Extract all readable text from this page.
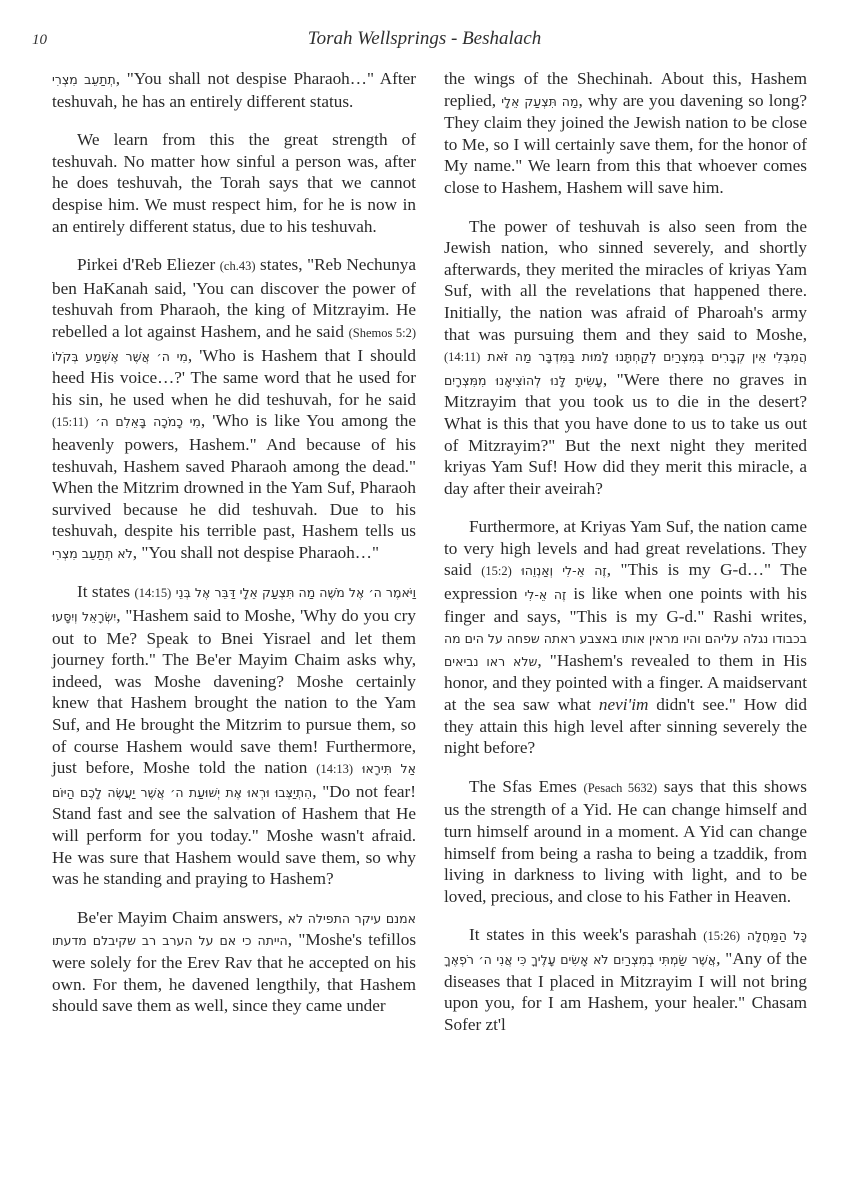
10	Torah Wellsprings - Beshalach

תְתַעֵב מִצְרִי, "You shall not despise Pharaoh…" After teshuvah, he has an entirely different status.

We learn from this the great strength of teshuvah. No matter how sinful a person was, after he does teshuvah, the Torah says that we cannot despise him. We must respect him, for he is now in an entirely different status, due to his teshuvah.

Pirkei d'Reb Eliezer (ch.43) states, "Reb Nechunya ben HaKanah said, 'You can discover the power of teshuvah from Pharaoh, the king of Mitzrayim. He rebelled a lot against Hashem, and he said (Shemos 5:2) מִי ה׳ אֲשֶׁר אֶשְׁמַע בְּקֹלוֹ, 'Who is Hashem that I should heed His voice…?' The same word that he used for his sin, he used when he did teshuvah, for he said (15:11) מִי כָמֹכָה בָּאֵלִם ה׳, 'Who is like You among the heavenly powers, Hashem." And because of his teshuvah, Hashem saved Pharaoh among the dead." When the Mitzrim drowned in the Yam Suf, Pharaoh survived because he did teshuvah. Due to his teshuvah, despite his terrible past, Hashem tells us לֹא תְתַעֵב מִצְרִי, "You shall not despise Pharaoh…"

It states (14:15) וַיֹּאמֶר ה׳ אֶל מֹשֶׁה מַה תִּצְעַק אֵלָי דַּבֵּר אֶל בְּנֵי יִשְׂרָאֵל וְיִסָּעוּ, "Hashem said to Moshe, 'Why do you cry out to Me? Speak to Bnei Yisrael and let them journey forth." The Be'er Mayim Chaim asks why, indeed, was Moshe davening? Moshe certainly knew that Hashem brought the nation to the Yam Suf, and He brought the Mitzrim to pursue them, so of course Hashem would save them! Furthermore, just before, Moshe told the nation (14:13) אַל תִּירָאוּ הִתְיַצְּבוּ וּרְאוּ אֶת יְשׁוּעַת ה׳ אֲשֶׁר יַעֲשֶׂה לָכֶם הַיּוֹם, "Do not fear! Stand fast and see the salvation of Hashem that He will perform for you today." Moshe wasn't afraid. He was sure that Hashem would save them, so why was he standing and praying to Hashem?

Be'er Mayim Chaim answers, אמנם עיקר התפילה לא הייתה כי אם על הערב רב שקיבלם מדעתו, "Moshe's tefillos were solely for the Erev Rav that he accepted on his own. For them, he davened lengthily, that Hashem should save them as well, since they came under

the wings of the Shechinah. About this, Hashem replied, מַה תִּצְעַק אֵלָי, why are you davening so long? They claim they joined the Jewish nation to be close to Me, so I will certainly save them, for the honor of My name." We learn from this that whoever comes close to Hashem, Hashem will save him.

The power of teshuvah is also seen from the Jewish nation, who sinned severely, and shortly afterwards, they merited the miracles of kriyas Yam Suf, with all the revelations that happened there. Initially, the nation was afraid of Pharoah's army that was pursuing them and they said to Moshe, (14:11) הֲמִבְּלִי אֵין קְבָרִים בְּמִצְרַיִם לְקַחְתָּנוּ לָמוּת בַּמִּדְבָּר מַה זֹּאת עָשִׂיתָ לָּנוּ לְהוֹצִיאָנוּ מִמִּצְרָיִם, "Were there no graves in Mitzrayim that you took us to die in the desert? What is this that you have done to us to take us out of Mitzrayim?" But the next night they merited kriyas Yam Suf! How did they merit this miracle, a day after their aveirah?

Furthermore, at Kriyas Yam Suf, the nation came to very high levels and had great revelations. They said (15:2) זֶה אֵ-לִי וְאַנְוֵהוּ, "This is my G-d…" The expression זֶה אֵ-לִי is like when one points with his finger and says, "This is my G-d." Rashi writes, בכבודו נגלה עליהם והיו מראין אותו באצבע ראתה שפחה על הים מה שלא ראו נביאים, "Hashem's revealed to them in His honor, and they pointed with a finger. A maidservant at the sea saw what nevi'im didn't see." How did they attain this high level after sinning severely the night before?

The Sfas Emes (Pesach 5632) says that this shows us the strength of a Yid. He can change himself and turn himself around in a moment. A Yid can change himself from being a rasha to being a tzaddik, from living in darkness to living with light, and to be loved, precious, and close to his Father in Heaven.

It states in this week's parashah (15:26) כָּל הַמַּחֲלָה אֲשֶׁר שַׂמְתִּי בְמִצְרַיִם לֹא אָשִׂים עָלֶיךָ כִּי אֲנִי ה׳ רֹפְאֶךָ, "Any of the diseases that I placed in Mitzrayim I will not bring upon you, for I am Hashem, your healer." Chasam Sofer zt'l
